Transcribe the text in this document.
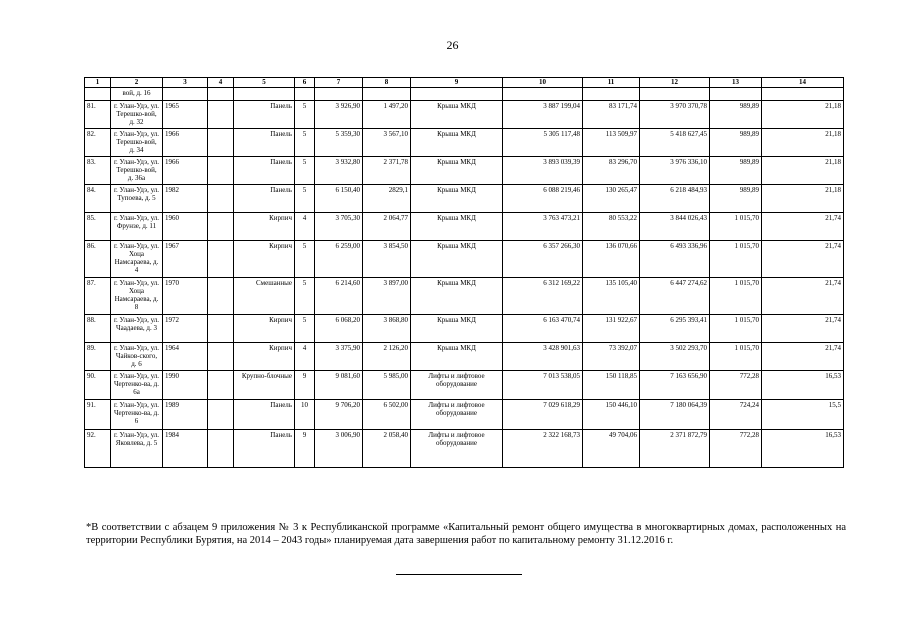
26
1	2	3	4	5	6	7	8	9	10	11	12	13	14
	вой, д. 16												
81.	г. Улан-Удэ, ул. Терешко-вой, д. 32	1965		Панель	5	3 926,90	1 497,20	Крыша МКД	3 887 199,04	83 171,74	3 970 370,78	989,89	21,18
82.	г. Улан-Удэ, ул. Терешко-вой, д. 34	1966		Панель	5	5 359,30	3 567,10	Крыша МКД	5 305 117,48	113 509,97	5 418 627,45	989,89	21,18
83.	г. Улан-Удэ, ул. Терешко-вой, д. 36а	1966		Панель	5	3 932,80	2 371,78	Крыша МКД	3 893 039,39	83 296,70	3 976 336,10	989,89	21,18
84.	г. Улан-Удэ, ул. Тупоева, д. 5	1982		Панель	5	6 150,40	2829,1	Крыша МКД	6 088 219,46	130 265,47	6 218 484,93	989,89	21,18
85.	г. Улан-Удэ, ул. Фрунзе, д. 11	1960		Кирпич	4	3 705,30	2 064,77	Крыша МКД	3 763 473,21	80 553,22	3 844 026,43	1 015,70	21,74
86.	г. Улан-Удэ, ул. Хоца Намсараева, д. 4	1967		Кирпич	5	6 259,00	3 854,50	Крыша МКД	6 357 266,30	136 070,66	6 493 336,96	1 015,70	21,74
87.	г. Улан-Удэ, ул. Хоца Намсараева, д. 8	1970		Смешанные	5	6 214,60	3 897,00	Крыша МКД	6 312 169,22	135 105,40	6 447 274,62	1 015,70	21,74
88.	г. Улан-Удэ, ул. Чаадаева, д. 3	1972		Кирпич	5	6 068,20	3 868,80	Крыша МКД	6 163 470,74	131 922,67	6 295 393,41	1 015,70	21,74
89.	г. Улан-Удэ, ул. Чайков-ского, д. 6	1964		Кирпич	4	3 375,90	2 126,20	Крыша МКД	3 428 901,63	73 392,07	3 502 293,70	1 015,70	21,74
90.	г. Улан-Удэ, ул. Чертенко-ва, д. 6а	1990		Крупно-блочные	9	9 081,60	5 985,00	Лифты и лифтовое оборудование	7 013 538,05	150 118,85	7 163 656,90	772,28	16,53
91.	г. Улан-Удэ, ул. Чертенко-ва, д. 6	1989		Панель	10	9 706,20	6 502,00	Лифты и лифтовое оборудование	7 029 618,29	150 446,10	7 180 064,39	724,24	15,5
92.	г. Улан-Удэ, ул. Яковлева, д. 5	1984		Панель	9	3 006,90	2 058,40	Лифты и лифтовое оборудование	2 322 168,73	49 704,06	2 371 872,79	772,28	16,53
*В соответствии с абзацем 9 приложения № 3 к Республиканской программе «Капитальный ремонт общего имущества в многоквартирных домах, расположенных на территории Республики Бурятия, на 2014 – 2043 годы» планируемая дата завершения работ по капитальному ремонту 31.12.2016 г.
